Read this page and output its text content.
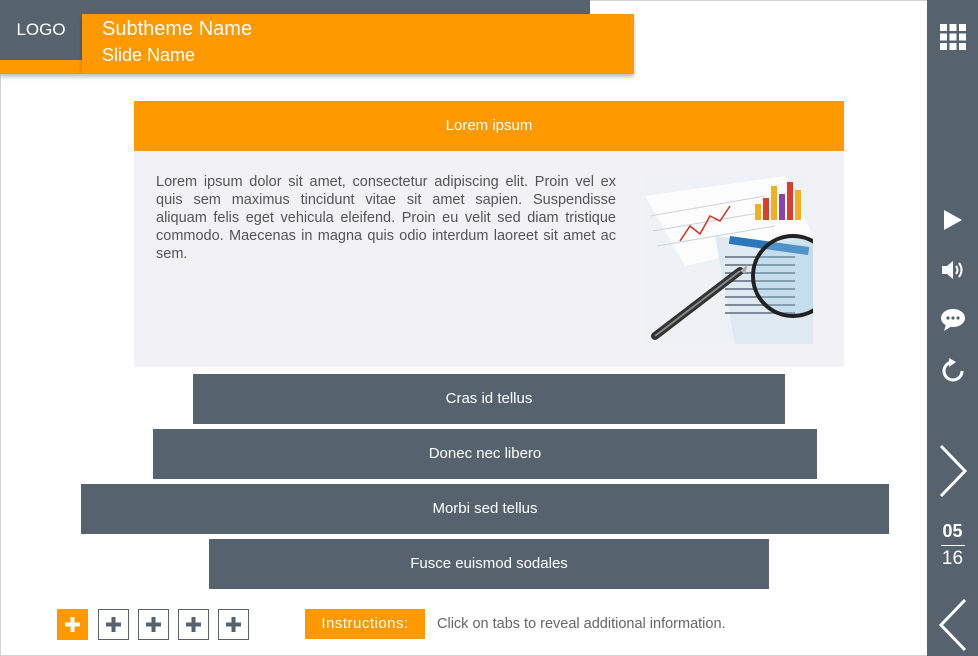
LOGO	Subtheme Name
Slide Name
Lorem ipsum
Lorem ipsum dolor sit amet, consectetur adipiscing elit. Proin vel ex quis sem maximus tincidunt vitae sit amet sapien. Suspendisse aliquam felis eget vehicula eleifend. Proin eu velit sed diam tristique commodo. Maecenas in magna quis odio interdum laoreet sit amet ac sem.
Cras id tellus
Donec nec libero
Morbi sed tellus
Fusce euismod sodales
Instructions:	Click on tabs to reveal additional information.
05
16
